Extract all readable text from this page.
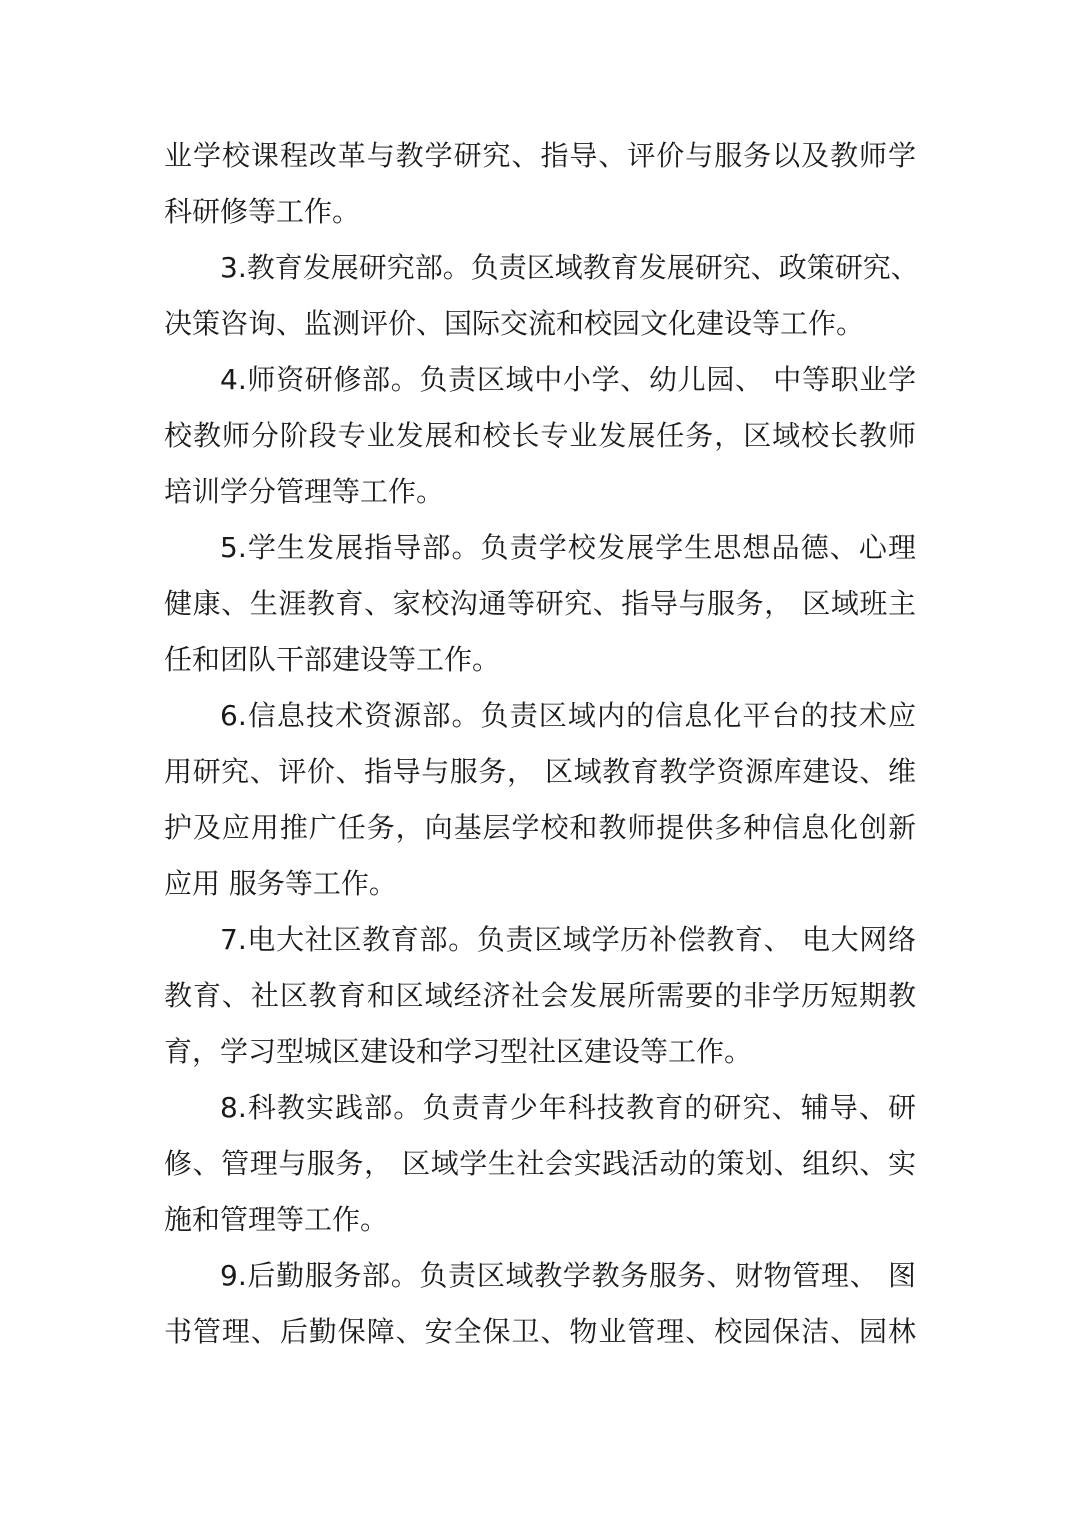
业学校课程改革与教学研究、指导、评价与服务以及教师学
科研修等工作。
3.教育发展研究部。负责区域教育发展研究、政策研究、
决策咨询、监测评价、国际交流和校园文化建设等工作。
4.师资研修部。负责区域中小学、幼儿园、 中等职业学
校教师分阶段专业发展和校长专业发展任务，区域校长教师
培训学分管理等工作。
5.学生发展指导部。负责学校发展学生思想品德、心理
健康、生涯教育、家校沟通等研究、指导与服务， 区域班主
任和团队干部建设等工作。
6.信息技术资源部。负责区域内的信息化平台的技术应
用研究、评价、指导与服务， 区域教育教学资源库建设、维
护及应用推广任务，向基层学校和教师提供多种信息化创新
应用 服务等工作。
7.电大社区教育部。负责区域学历补偿教育、 电大网络
教育、社区教育和区域经济社会发展所需要的非学历短期教
育，学习型城区建设和学习型社区建设等工作。
8.科教实践部。负责青少年科技教育的研究、辅导、研
修、管理与服务， 区域学生社会实践活动的策划、组织、实
施和管理等工作。
9.后勤服务部。负责区域教学教务服务、财物管理、 图
书管理、后勤保障、安全保卫、物业管理、校园保洁、园林
